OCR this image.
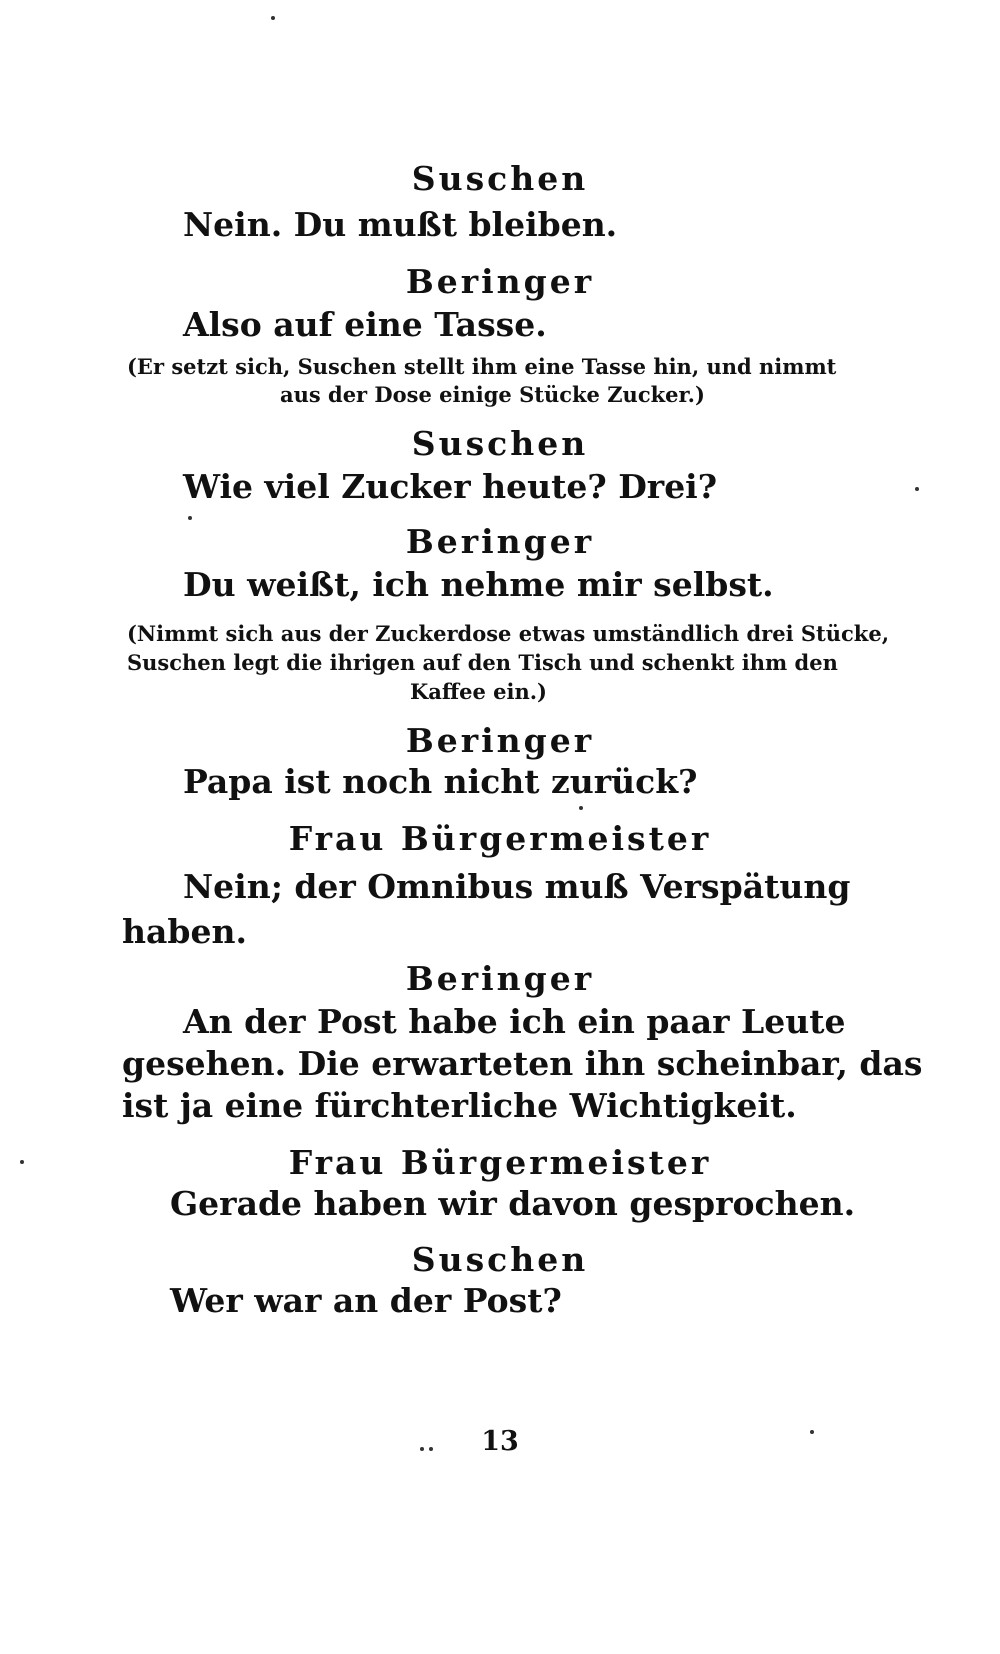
Suschen
Nein. Du mußt bleiben.
Beringer
Also auf eine Tasse.
(Er setzt sich, Suschen stellt ihm eine Tasse hin, und nimmt
aus der Dose einige Stücke Zucker.)
Suschen
Wie viel Zucker heute? Drei?
Beringer
Du weißt, ich nehme mir selbst.
(Nimmt sich aus der Zuckerdose etwas umständlich drei Stücke,
Suschen legt die ihrigen auf den Tisch und schenkt ihm den
Kaffee ein.)
Beringer
Papa ist noch nicht zurück?
Frau Bürgermeister
Nein; der Omnibus muß Verspätung
haben.
Beringer
An der Post habe ich ein paar Leute
gesehen. Die erwarteten ihn scheinbar, das
ist ja eine fürchterliche Wichtigkeit.
Frau Bürgermeister
Gerade haben wir davon gesprochen.
Suschen
Wer war an der Post?
13
